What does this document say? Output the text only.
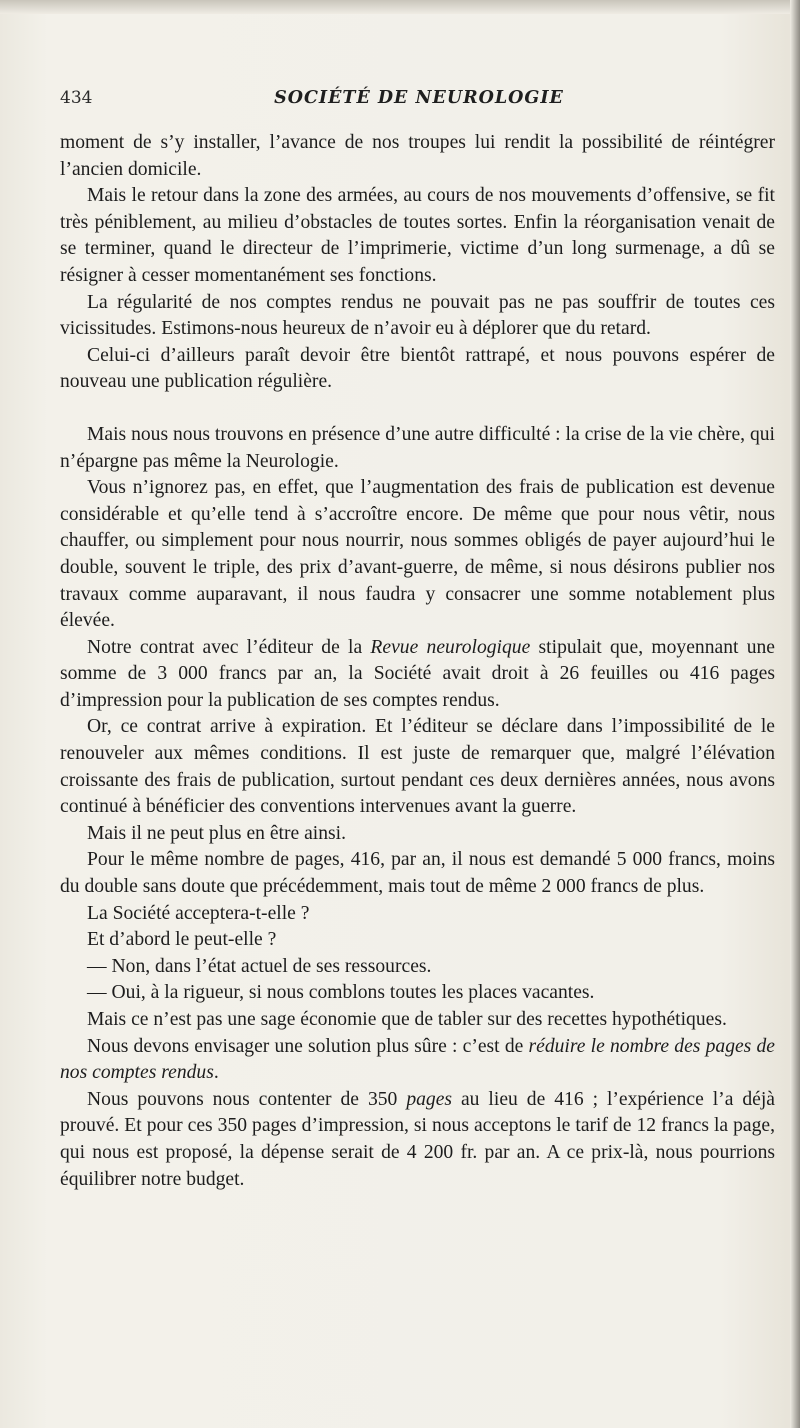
434	SOCIÉTÉ DE NEUROLOGIE

moment de s’y installer, l’avance de nos troupes lui rendit la possibilité de réintégrer l’ancien domicile.

Mais le retour dans la zone des armées, au cours de nos mouvements d’offensive, se fit très péniblement, au milieu d’obstacles de toutes sortes. Enfin la réorganisation venait de se terminer, quand le directeur de l’imprimerie, victime d’un long surmenage, a dû se résigner à cesser momentanément ses fonctions.

La régularité de nos comptes rendus ne pouvait pas ne pas souffrir de toutes ces vicissitudes. Estimons-nous heureux de n’avoir eu à déplorer que du retard.

Celui-ci d’ailleurs paraît devoir être bientôt rattrapé, et nous pouvons espérer de nouveau une publication régulière.

Mais nous nous trouvons en présence d’une autre difficulté : la crise de la vie chère, qui n’épargne pas même la Neurologie.

Vous n’ignorez pas, en effet, que l’augmentation des frais de publication est devenue considérable et qu’elle tend à s’accroître encore. De même que pour nous vêtir, nous chauffer, ou simplement pour nous nourrir, nous sommes obligés de payer aujourd’hui le double, souvent le triple, des prix d’avant-guerre, de même, si nous désirons publier nos travaux comme auparavant, il nous faudra y consacrer une somme notablement plus élevée.

Notre contrat avec l’éditeur de la Revue neurologique stipulait que, moyennant une somme de 3 000 francs par an, la Société avait droit à 26 feuilles ou 416 pages d’impression pour la publication de ses comptes rendus.

Or, ce contrat arrive à expiration. Et l’éditeur se déclare dans l’impossibilité de le renouveler aux mêmes conditions. Il est juste de remarquer que, malgré l’élévation croissante des frais de publication, surtout pendant ces deux dernières années, nous avons continué à bénéficier des conventions intervenues avant la guerre.

Mais il ne peut plus en être ainsi.

Pour le même nombre de pages, 416, par an, il nous est demandé 5 000 francs, moins du double sans doute que précédemment, mais tout de même 2 000 francs de plus.

La Société acceptera-t-elle ?

Et d’abord le peut-elle ?

— Non, dans l’état actuel de ses ressources.

— Oui, à la rigueur, si nous comblons toutes les places vacantes.

Mais ce n’est pas une sage économie que de tabler sur des recettes hypothétiques.

Nous devons envisager une solution plus sûre : c’est de réduire le nombre des pages de nos comptes rendus.

Nous pouvons nous contenter de 350 pages au lieu de 416 ; l’expérience l’a déjà prouvé. Et pour ces 350 pages d’impression, si nous acceptons le tarif de 12 francs la page, qui nous est proposé, la dépense serait de 4 200 fr. par an. A ce prix-là, nous pourrions équilibrer notre budget.
